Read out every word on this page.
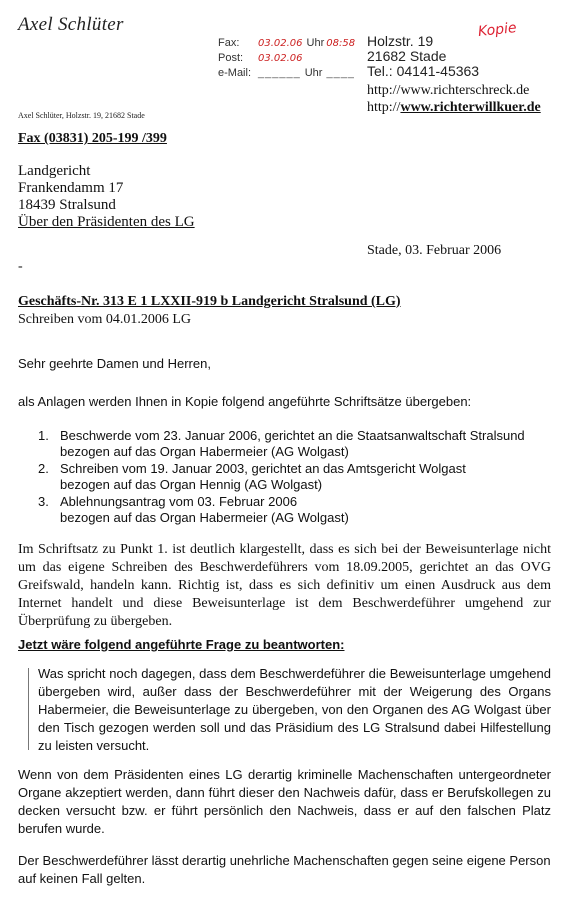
Axel Schlüter
Fax:	03.02.06 Uhr 08:58
Post:	03.02.06
e-Mail: ______ Uhr ____
Kopie
Holzstr. 19
21682 Stade
Tel.: 04141-45363
http://www.richterschreck.de
http://www.richterwillkuer.de
Axel Schlüter, Holzstr. 19, 21682 Stade
Fax (03831) 205-199 /399
Landgericht
Frankendamm 17
18439 Stralsund
Über den Präsidenten des LG
Stade, 03. Februar 2006
-
Geschäfts-Nr. 313 E 1 LXXII-919 b Landgericht Stralsund (LG)
Schreiben vom 04.01.2006 LG
Sehr geehrte Damen und Herren,
als Anlagen werden Ihnen in Kopie folgend angeführte Schriftsätze übergeben:
1. Beschwerde vom 23. Januar 2006, gerichtet an die Staatsanwaltschaft Stralsund
bezogen auf das Organ Habermeier (AG Wolgast)
2. Schreiben vom 19. Januar 2003, gerichtet an das Amtsgericht Wolgast
bezogen auf das Organ Hennig (AG Wolgast)
3. Ablehnungsantrag vom 03. Februar 2006
bezogen auf das Organ Habermeier (AG Wolgast)
Im Schriftsatz zu Punkt 1. ist deutlich klargestellt, dass es sich bei der Beweisunterlage nicht um das eigene Schreiben des Beschwerdeführers vom 18.09.2005, gerichtet an das OVG Greifswald, handeln kann. Richtig ist, dass es sich definitiv um einen Ausdruck aus dem Internet handelt und diese Beweisunterlage ist dem Beschwerdeführer umgehend zur Überprüfung zu übergeben.
Jetzt wäre folgend angeführte Frage zu beantworten:
Was spricht noch dagegen, dass dem Beschwerdeführer die Beweisunterlage umgehend übergeben wird, außer dass der Beschwerdeführer mit der Weigerung des Organs Habermeier, die Beweisunterlage zu übergeben, von den Organen des AG Wolgast über den Tisch gezogen werden soll und das Präsidium des LG Stralsund dabei Hilfestellung zu leisten versucht.
Wenn von dem Präsidenten eines LG derartig kriminelle Machenschaften untergeordneter Organe akzeptiert werden, dann führt dieser den Nachweis dafür, dass er Berufskollegen zu decken versucht bzw. er führt persönlich den Nachweis, dass er auf den falschen Platz berufen wurde.
Der Beschwerdeführer lässt derartig unehrliche Machenschaften gegen seine eigene Person auf keinen Fall gelten.
